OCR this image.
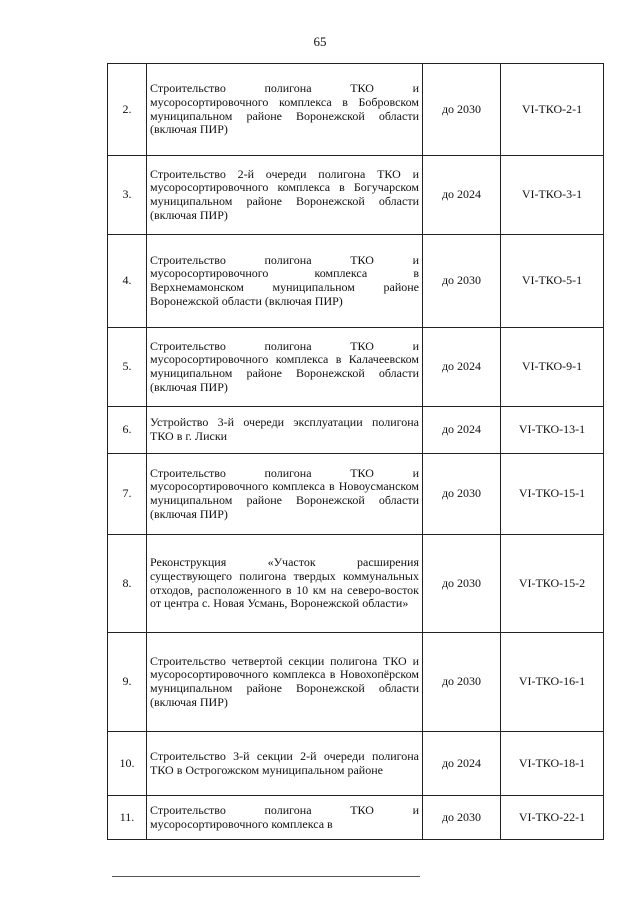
65
2.	Строительство полигона ТКО и мусоросортировочного комплекса в Бобровском муниципальном районе Воронежской области (включая ПИР)	до 2030	VI-ТКО-2-1
3.	Строительство 2-й очереди полигона ТКО и мусоросортировочного комплекса в Богучарском муниципальном районе Воронежской области (включая ПИР)	до 2024	VI-ТКО-3-1
4.	Строительство полигона ТКО и мусоросортировочного комплекса в Верхнемамонском муниципальном районе Воронежской области (включая ПИР)	до 2030	VI-ТКО-5-1
5.	Строительство полигона ТКО и мусоросортировочного комплекса в Калачеевском муниципальном районе Воронежской области (включая ПИР)	до 2024	VI-ТКО-9-1
6.	Устройство 3-й очереди эксплуатации полигона ТКО в г. Лиски	до 2024	VI-ТКО-13-1
7.	Строительство полигона ТКО и мусоросортировочного комплекса в Новоусманском муниципальном районе Воронежской области (включая ПИР)	до 2030	VI-ТКО-15-1
8.	Реконструкция «Участок расширения существующего полигона твердых коммунальных отходов, расположенного в 10 км на северо-восток от центра с. Новая Усмань, Воронежской области»	до 2030	VI-ТКО-15-2
9.	Строительство четвертой секции полигона ТКО и мусоросортировочного комплекса в Новохопёрском муниципальном районе Воронежской области (включая ПИР)	до 2030	VI-ТКО-16-1
10.	Строительство 3-й секции 2-й очереди полигона ТКО в Острогожском муниципальном районе	до 2024	VI-ТКО-18-1
11.	Строительство полигона ТКО и мусоросортировочного комплекса в	до 2030	VI-ТКО-22-1
